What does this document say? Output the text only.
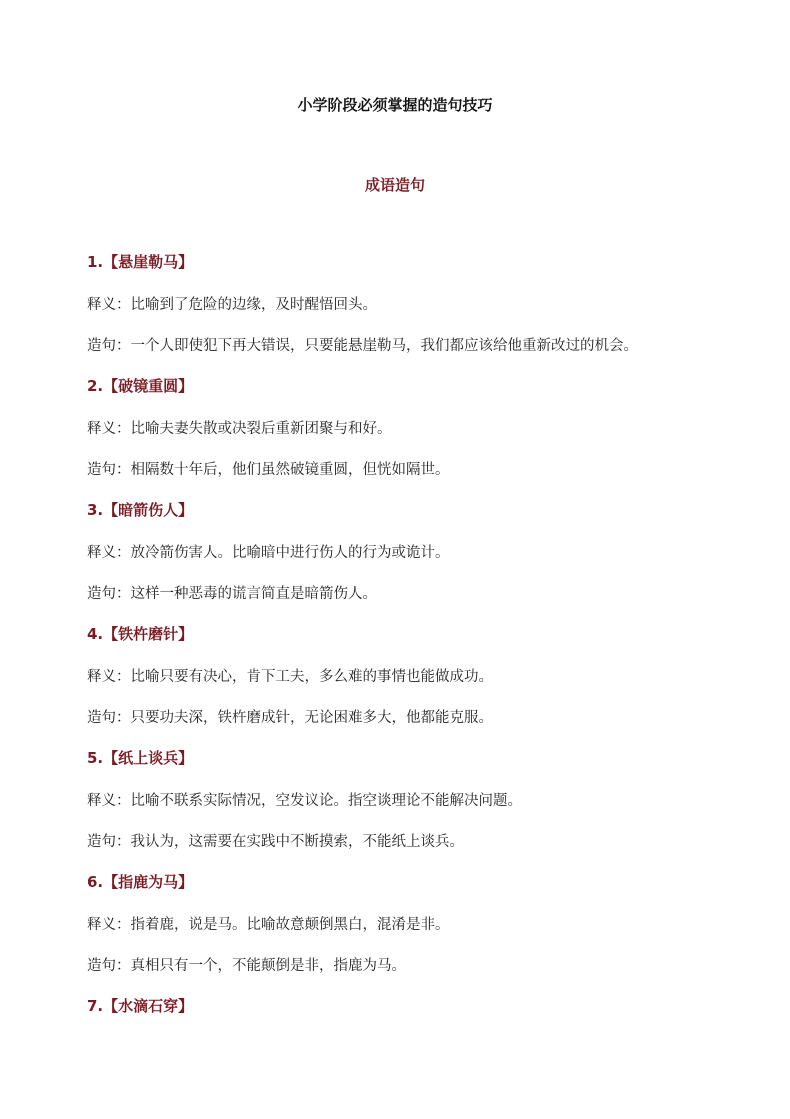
小学阶段必须掌握的造句技巧
成语造句
1.【悬崖勒马】
释义：比喻到了危险的边缘，及时醒悟回头。
造句：一个人即使犯下再大错误，只要能悬崖勒马，我们都应该给他重新改过的机会。
2.【破镜重圆】
释义：比喻夫妻失散或决裂后重新团聚与和好。
造句：相隔数十年后，他们虽然破镜重圆，但恍如隔世。
3.【暗箭伤人】
释义：放冷箭伤害人。比喻暗中进行伤人的行为或诡计。
造句：这样一种恶毒的谎言简直是暗箭伤人。
4.【铁杵磨针】
释义：比喻只要有决心，肯下工夫，多么难的事情也能做成功。
造句：只要功夫深，铁杵磨成针，无论困难多大，他都能克服。
5.【纸上谈兵】
释义：比喻不联系实际情况，空发议论。指空谈理论不能解决问题。
造句：我认为，这需要在实践中不断摸索，不能纸上谈兵。
6.【指鹿为马】
释义：指着鹿，说是马。比喻故意颠倒黑白，混淆是非。
造句：真相只有一个，不能颠倒是非，指鹿为马。
7.【水滴石穿】
